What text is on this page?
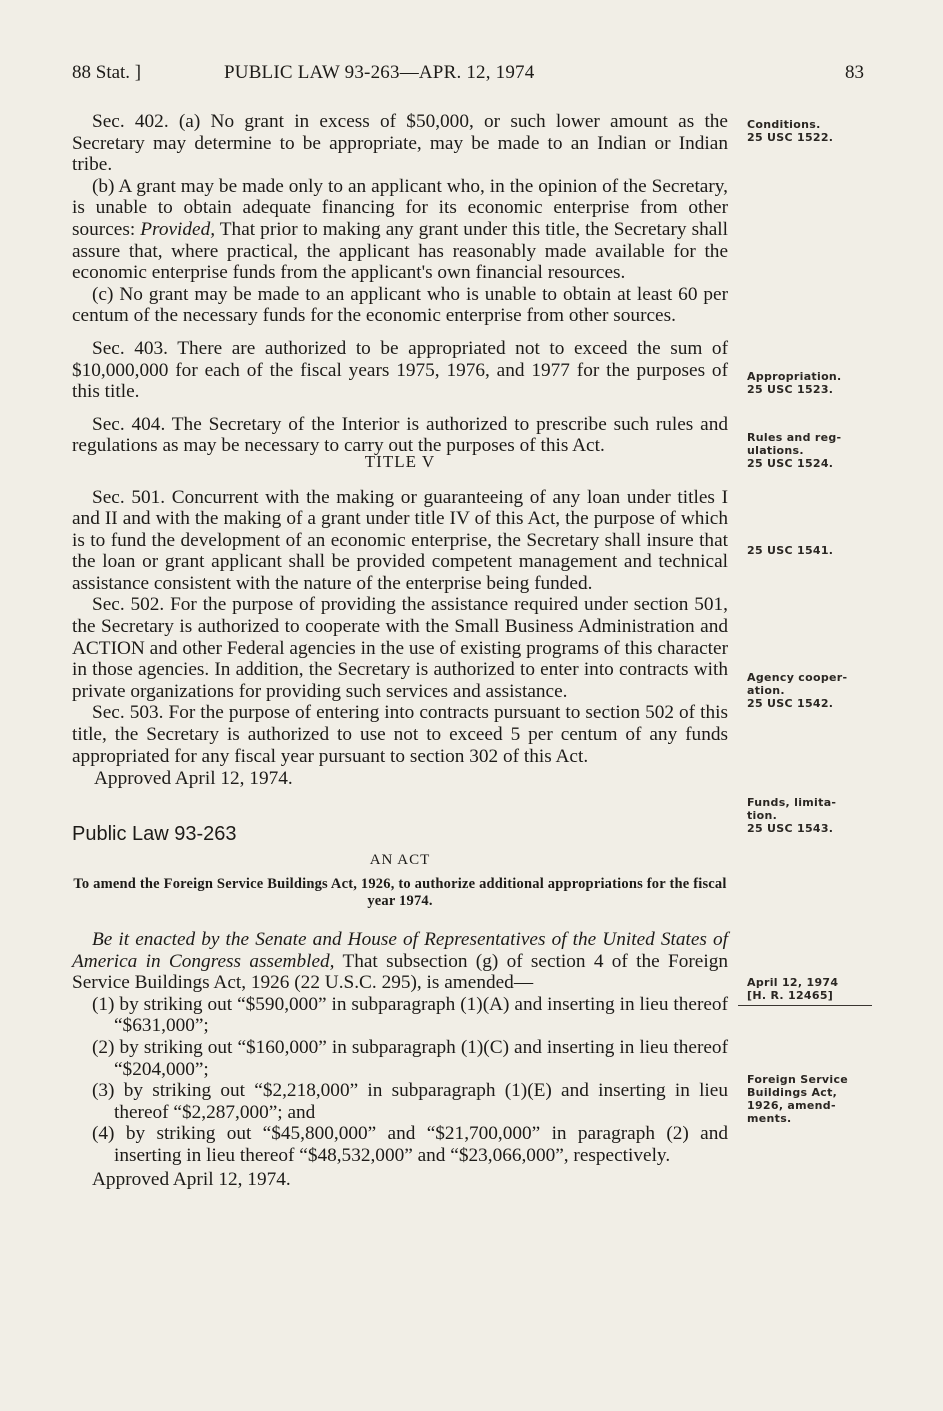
88 Stat. ]	PUBLIC LAW 93-263—APR. 12, 1974	83

Sec. 402. (a) No grant in excess of $50,000, or such lower amount as the Secretary may determine to be appropriate, may be made to an Indian or Indian tribe.

(b) A grant may be made only to an applicant who, in the opinion of the Secretary, is unable to obtain adequate financing for its economic enterprise from other sources: Provided, That prior to making any grant under this title, the Secretary shall assure that, where practical, the applicant has reasonably made available for the economic enterprise funds from the applicant's own financial resources.

(c) No grant may be made to an applicant who is unable to obtain at least 60 per centum of the necessary funds for the economic enterprise from other sources.

Sec. 403. There are authorized to be appropriated not to exceed the sum of $10,000,000 for each of the fiscal years 1975, 1976, and 1977 for the purposes of this title.

Sec. 404. The Secretary of the Interior is authorized to prescribe such rules and regulations as may be necessary to carry out the purposes of this Act.

TITLE V

Sec. 501. Concurrent with the making or guaranteeing of any loan under titles I and II and with the making of a grant under title IV of this Act, the purpose of which is to fund the development of an economic enterprise, the Secretary shall insure that the loan or grant applicant shall be provided competent management and technical assistance consistent with the nature of the enterprise being funded.

Sec. 502. For the purpose of providing the assistance required under section 501, the Secretary is authorized to cooperate with the Small Business Administration and ACTION and other Federal agencies in the use of existing programs of this character in those agencies. In addition, the Secretary is authorized to enter into contracts with private organizations for providing such services and assistance.

Sec. 503. For the purpose of entering into contracts pursuant to section 502 of this title, the Secretary is authorized to use not to exceed 5 per centum of any funds appropriated for any fiscal year pursuant to section 302 of this Act.

Approved April 12, 1974.

Public Law 93-263

AN ACT

To amend the Foreign Service Buildings Act, 1926, to authorize additional appropriations for the fiscal year 1974.

Be it enacted by the Senate and House of Representatives of the United States of America in Congress assembled, That subsection (g) of section 4 of the Foreign Service Buildings Act, 1926 (22 U.S.C. 295), is amended—

(1) by striking out “$590,000” in subparagraph (1)(A) and inserting in lieu thereof “$631,000”;

(2) by striking out “$160,000” in subparagraph (1)(C) and inserting in lieu thereof “$204,000”;

(3) by striking out “$2,218,000” in subparagraph (1)(E) and inserting in lieu thereof “$2,287,000”; and

(4) by striking out “$45,800,000” and “$21,700,000” in paragraph (2) and inserting in lieu thereof “$48,532,000” and “$23,066,000”, respectively.

Approved April 12, 1974.

Conditions.
25 USC 1522.
Appropriation.
25 USC 1523.
Rules and reg-
ulations.
25 USC 1524.
25 USC 1541.
Agency cooper-
ation.
25 USC 1542.
Funds, limita-
tion.
25 USC 1543.
April 12, 1974
[H. R. 12465]
Foreign Service
Buildings Act,
1926, amend-
ments.
